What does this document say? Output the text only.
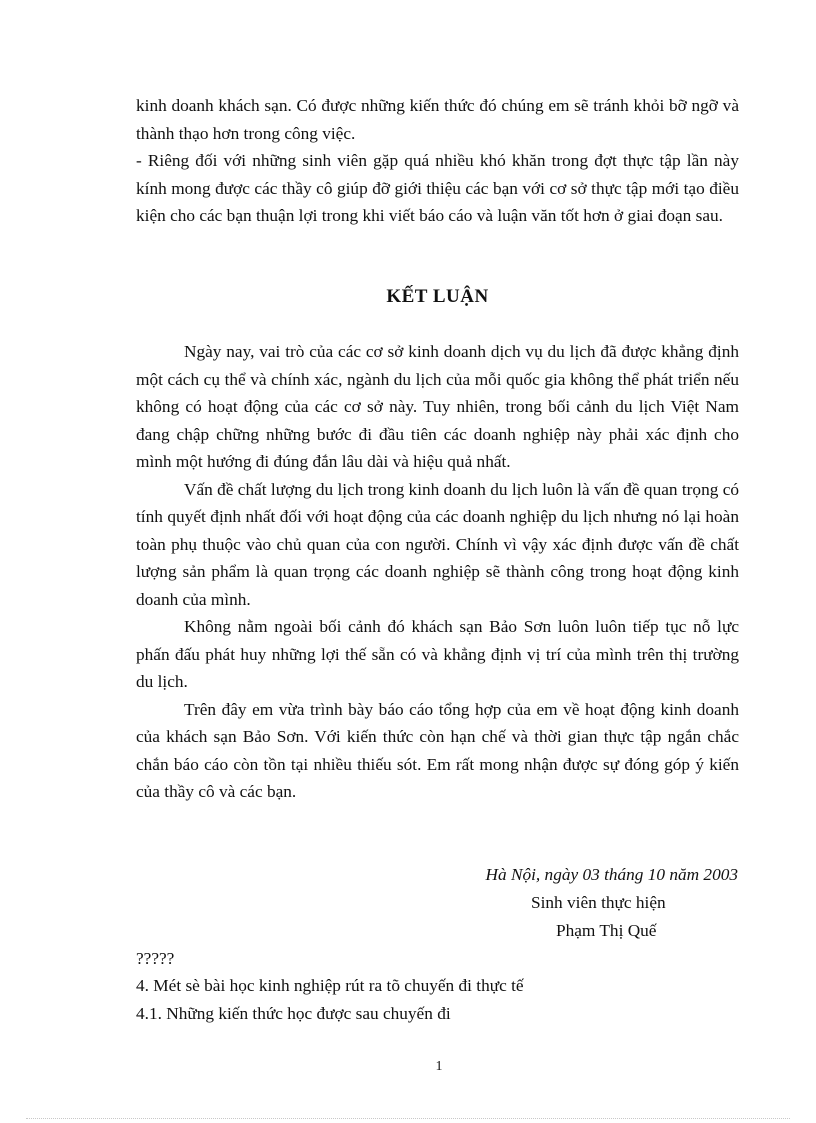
kinh doanh khách sạn. Có được những kiến thức đó chúng em sẽ tránh khỏi bỡ ngỡ và thành thạo hơn trong công việc.

- Riêng đối với những sinh viên gặp quá nhiều khó khăn trong đợt thực tập lần này kính mong được các thầy cô giúp đỡ giới thiệu các bạn với cơ sở thực tập mới tạo điều kiện cho các bạn thuận lợi trong khi viết báo cáo và luận văn tốt hơn ở giai đoạn sau.

KẾT LUẬN

Ngày nay, vai trò của các cơ sở kinh doanh dịch vụ du lịch đã được khẳng định một cách cụ thể và chính xác, ngành du lịch của mỗi quốc gia không thể phát triển nếu không có hoạt động của các cơ sở này. Tuy nhiên, trong bối cảnh du lịch Việt Nam đang chập chững những bước đi đầu tiên các doanh nghiệp này phải xác định cho mình một hướng đi đúng đắn lâu dài và hiệu quả nhất.

Vấn đề chất lượng du lịch trong kinh doanh du lịch luôn là vấn đề quan trọng có tính quyết định nhất đối với hoạt động của các doanh nghiệp du lịch nhưng nó lại hoàn toàn phụ thuộc vào chủ quan của con người. Chính vì vậy xác định được vấn đề chất lượng sản phẩm là quan trọng các doanh nghiệp sẽ thành công trong hoạt động kinh doanh của mình.

Không nằm ngoài bối cảnh đó khách sạn Bảo Sơn luôn luôn tiếp tục nỗ lực phấn đấu phát huy những lợi thế sẵn có và khẳng định vị trí của mình trên thị trường du lịch.

Trên đây em vừa trình bày báo cáo tổng hợp của em về hoạt động kinh doanh của khách sạn Bảo Sơn. Với kiến thức còn hạn chế và thời gian thực tập ngắn chắc chắn báo cáo còn tồn tại nhiều thiếu sót. Em rất mong nhận được sự đóng góp ý kiến của thầy cô và các bạn.

Hà Nội, ngày 03 tháng 10 năm 2003
Sinh viên thực hiện
Phạm Thị Quế
?????
4. Mét sè bài học kinh nghiệp rút ra tõ chuyến đi thực tế
4.1. Những kiến thức học được sau chuyến đi
1
